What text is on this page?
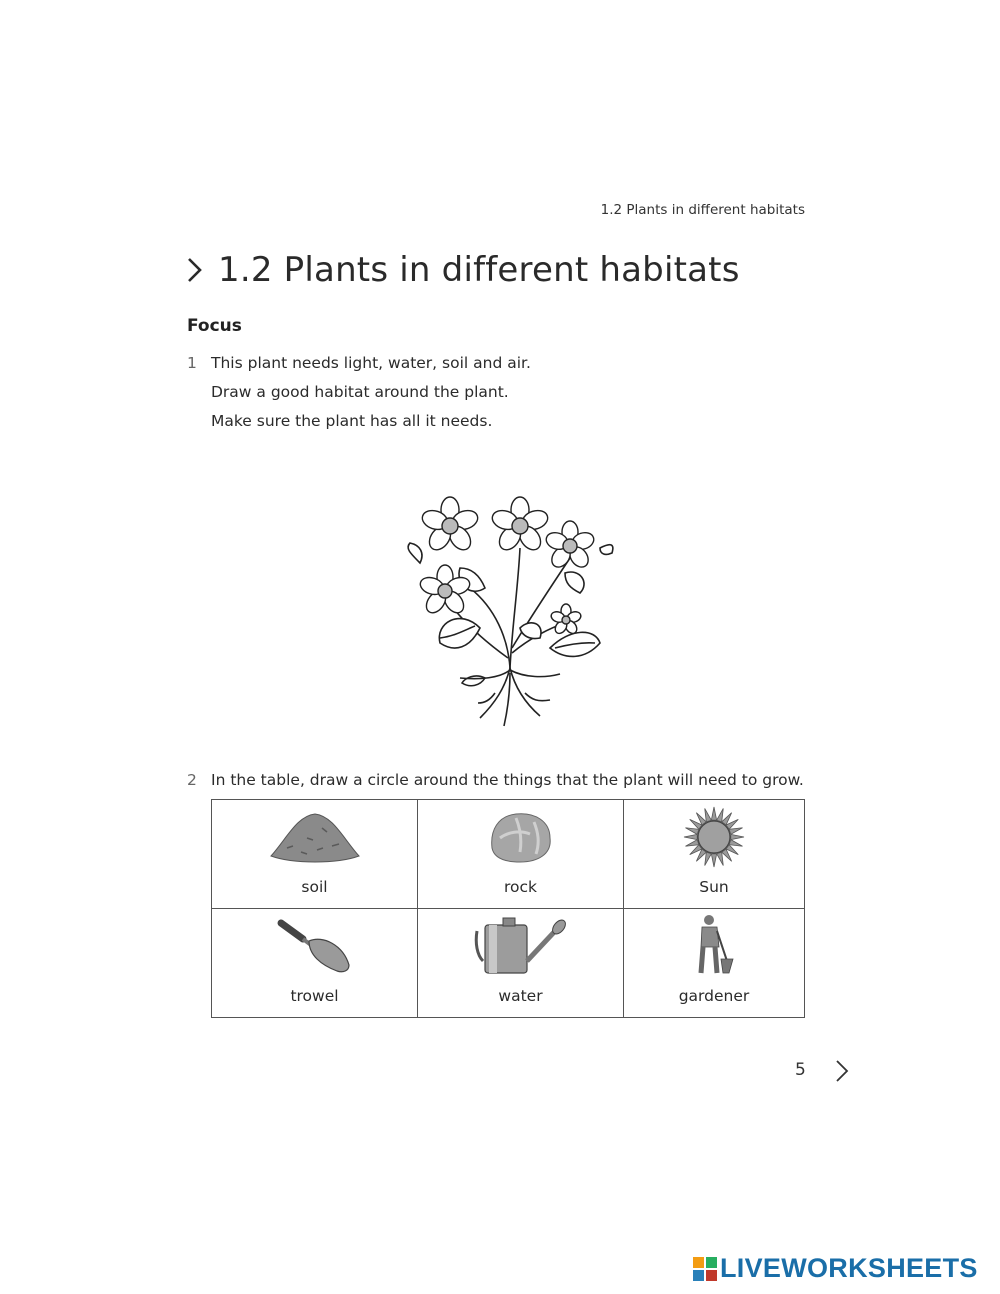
1.2 Plants in different habitats
1.2 Plants in different habitats
Focus
1 This plant needs light, water, soil and air.
Draw a good habitat around the plant.
Make sure the plant has all it needs.
2 In the table, draw a circle around the things that the plant will need to grow.
soil	rock	Sun

trowel	water	gardener
5
LIVEWORKSHEETS
